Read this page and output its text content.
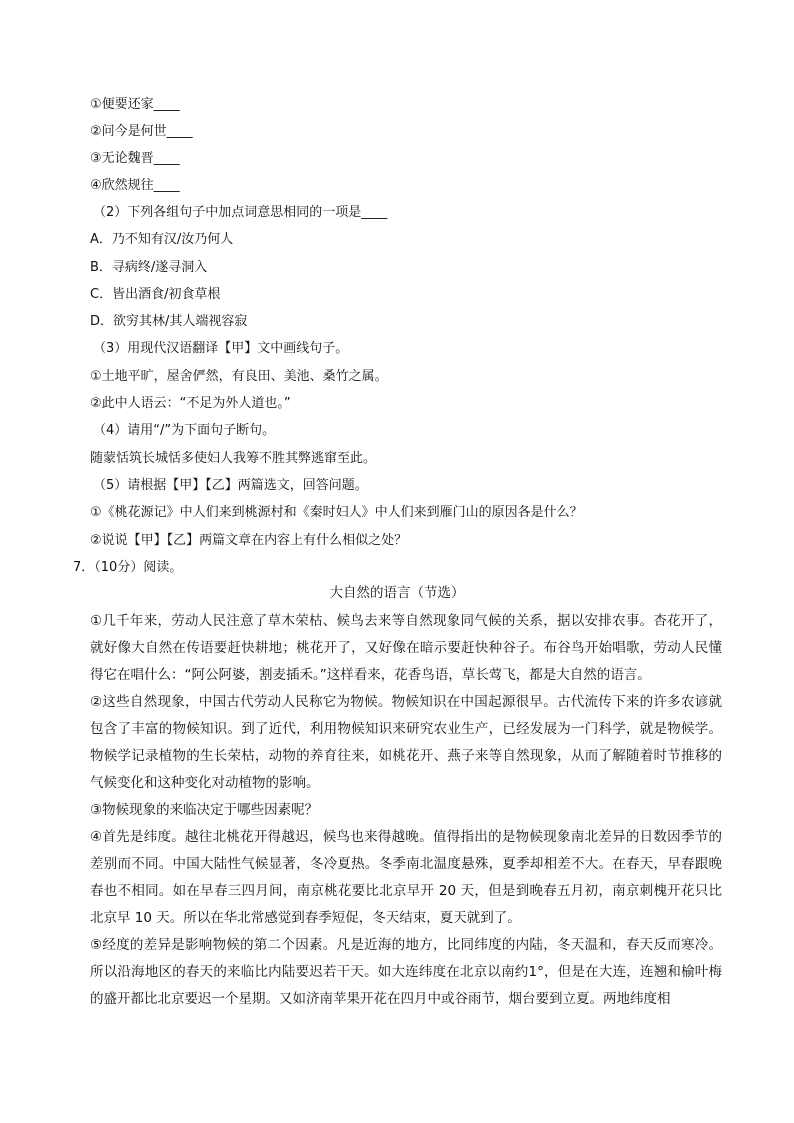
①便要还家____
②问今是何世____
③无论魏晋____
④欣然规往____
（2）下列各组句子中加点词意思相同的一项是____
A．乃不知有汉/汝乃何人
B．寻病终/遂寻洞入
C．皆出酒食/初食草根
D．欲穷其林/其人端视容寂
（3）用现代汉语翻译【甲】文中画线句子。
①土地平旷，屋舍俨然，有良田、美池、桑竹之属。
②此中人语云：“不足为外人道也。”
（4）请用“/”为下面句子断句。
随蒙恬筑长城恬多使妇人我筹不胜其弊逃窜至此。
（5）请根据【甲】【乙】两篇选文，回答问题。
①《桃花源记》中人们来到桃源村和《秦时妇人》中人们来到雁门山的原因各是什么？
②说说【甲】【乙】两篇文章在内容上有什么相似之处？
7．（10分）阅读。
大自然的语言（节选）

①几千年来，劳动人民注意了草木荣枯、候鸟去来等自然现象同气候的关系，据以安排农事。杏花开了，就好像大自然在传语要赶快耕地；桃花开了，又好像在暗示要赶快种谷子。布谷鸟开始唱歌，劳动人民懂得它在唱什么：“阿公阿婆，割麦插禾。”这样看来，花香鸟语，草长莺飞，都是大自然的语言。

②这些自然现象，中国古代劳动人民称它为物候。物候知识在中国起源很早。古代流传下来的许多农谚就包含了丰富的物候知识。到了近代，利用物候知识来研究农业生产，已经发展为一门科学，就是物候学。物候学记录植物的生长荣枯，动物的养育往来，如桃花开、燕子来等自然现象，从而了解随着时节推移的气候变化和这种变化对动植物的影响。

③物候现象的来临决定于哪些因素呢？

④首先是纬度。越往北桃花开得越迟，候鸟也来得越晚。值得指出的是物候现象南北差异的日数因季节的差别而不同。中国大陆性气候显著，冬冷夏热。冬季南北温度悬殊，夏季却相差不大。在春天，早春跟晚春也不相同。如在早春三四月间，南京桃花要比北京早开 20 天，但是到晚春五月初，南京刺槐开花只比北京早 10 天。所以在华北常感觉到春季短促，冬天结束，夏天就到了。

⑤经度的差异是影响物候的第二个因素。凡是近海的地方，比同纬度的内陆，冬天温和，春天反而寒冷。所以沿海地区的春天的来临比内陆要迟若干天。如大连纬度在北京以南约1°，但是在大连，连翘和榆叶梅的盛开都比北京要迟一个星期。又如济南苹果开花在四月中或谷雨节，烟台要到立夏。两地纬度相
